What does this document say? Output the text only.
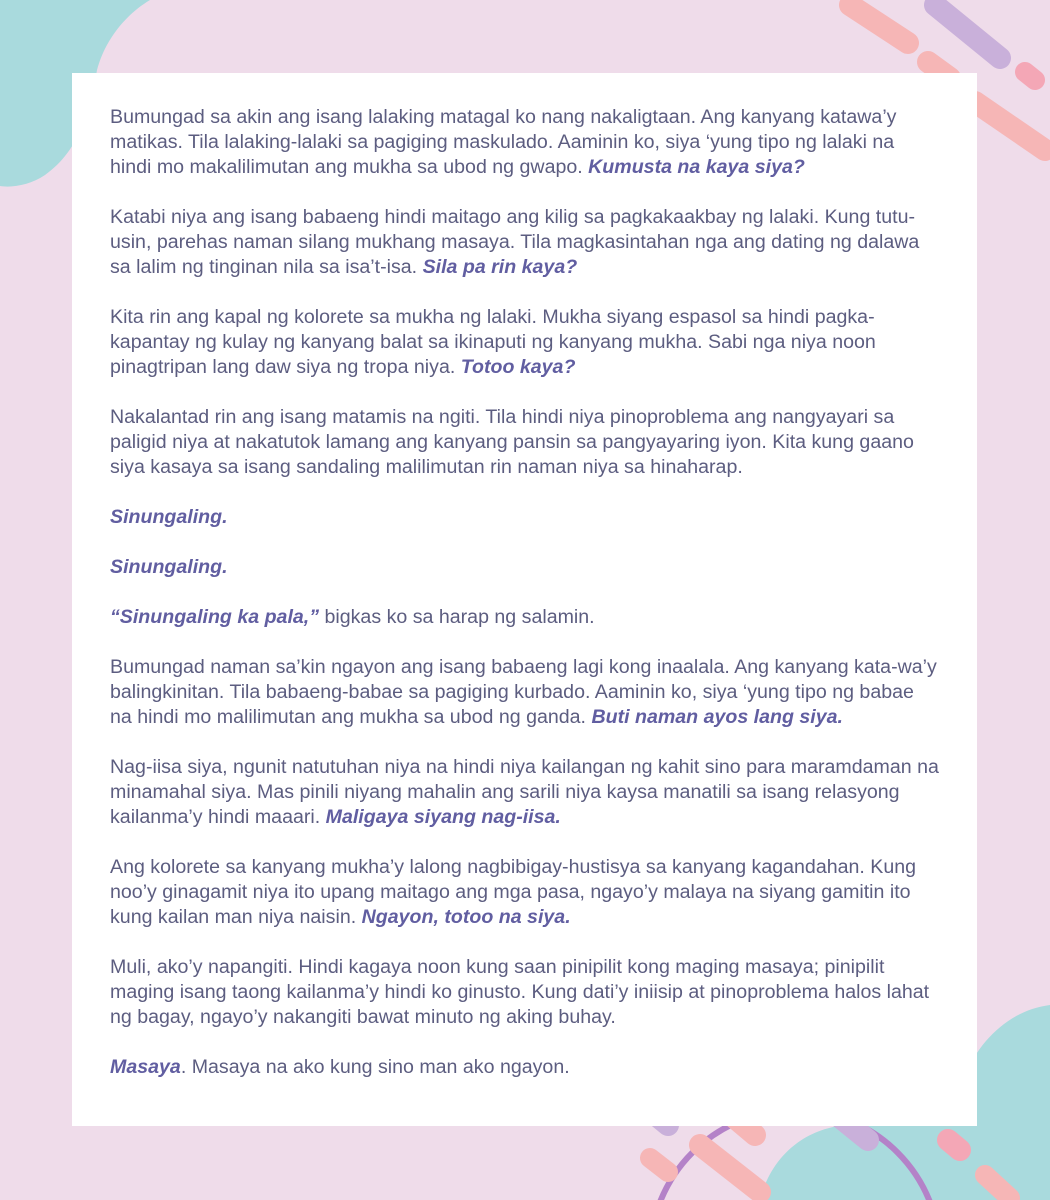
Bumungad sa akin ang isang lalaking matagal ko nang nakaligtaan. Ang kanyang katawa’y matikas. Tila lalaking-lalaki sa pagiging maskulado. Aaminin ko, siya ‘yung tipo ng lalaki na hindi mo makalilimutan ang mukha sa ubod ng gwapo. Kumusta na kaya siya?

Katabi niya ang isang babaeng hindi maitago ang kilig sa pagkakaakbay ng lalaki. Kung tutu-usin, parehas naman silang mukhang masaya. Tila magkasintahan nga ang dating ng dalawa sa lalim ng tinginan nila sa isa’t-isa. Sila pa rin kaya?

Kita rin ang kapal ng kolorete sa mukha ng lalaki. Mukha siyang espasol sa hindi pagka-kapantay ng kulay ng kanyang balat sa ikinaputi ng kanyang mukha. Sabi nga niya noon pinagtripan lang daw siya ng tropa niya. Totoo kaya?

Nakalantad rin ang isang matamis na ngiti. Tila hindi niya pinoproblema ang nangyayari sa paligid niya at nakatutok lamang ang kanyang pansin sa pangyayaring iyon. Kita kung gaano siya kasaya sa isang sandaling malilimutan rin naman niya sa hinaharap.

Sinungaling.

Sinungaling.

“Sinungaling ka pala,” bigkas ko sa harap ng salamin.

Bumungad naman sa’kin ngayon ang isang babaeng lagi kong inaalala. Ang kanyang kata-wa’y balingkinitan. Tila babaeng-babae sa pagiging kurbado. Aaminin ko, siya ‘yung tipo ng babae na hindi mo malilimutan ang mukha sa ubod ng ganda. Buti naman ayos lang siya.

Nag-iisa siya, ngunit natutuhan niya na hindi niya kailangan ng kahit sino para maramdaman na minamahal siya. Mas pinili niyang mahalin ang sarili niya kaysa manatili sa isang relasyong kailanma’y hindi maaari. Maligaya siyang nag-iisa.

Ang kolorete sa kanyang mukha’y lalong nagbibigay-hustisya sa kanyang kagandahan. Kung noo’y ginagamit niya ito upang maitago ang mga pasa, ngayo’y malaya na siyang gamitin ito kung kailan man niya naisin. Ngayon, totoo na siya.

Muli, ako’y napangiti. Hindi kagaya noon kung saan pinipilit kong maging masaya; pinipilit maging isang taong kailanma’y hindi ko ginusto. Kung dati’y iniisip at pinoproblema halos lahat ng bagay, ngayo’y nakangiti bawat minuto ng aking buhay.

Masaya. Masaya na ako kung sino man ako ngayon.
